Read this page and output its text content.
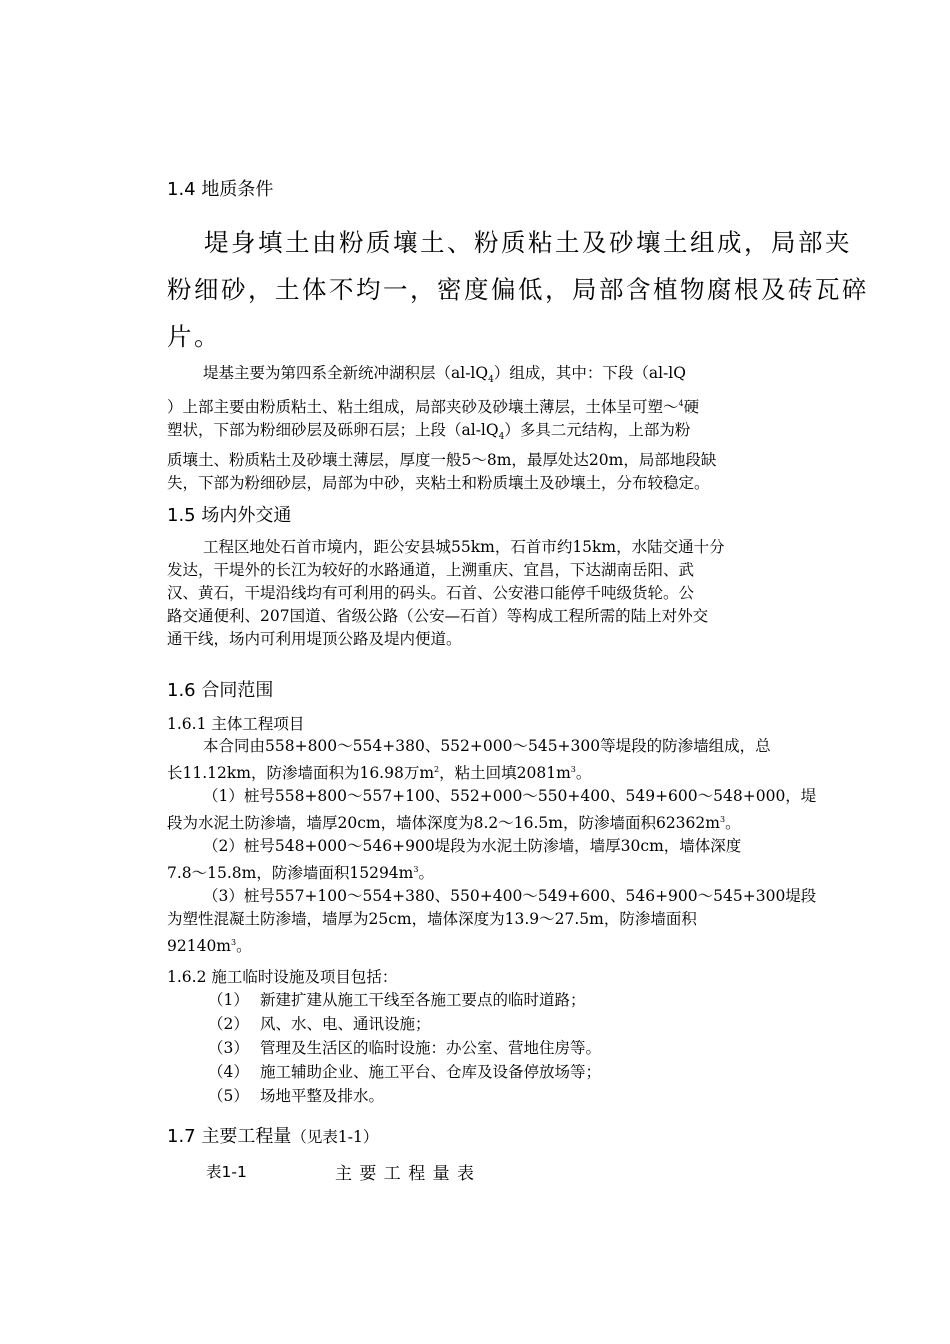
1.4 地质条件
堤身填土由粉质壤土、粉质粘土及砂壤土组成，局部夹
粉细砂，土体不均一，密度偏低，局部含植物腐根及砖瓦碎
片。
堤基主要为第四系全新统冲湖积层$(al-lQ_4)$组成，其中：下段（al-lQ
）上部主要由粉质粘土、粘土组成，局部夹砂及砂壤土薄层，土体呈可塑～$^4$硬
塑状，下部为粉细砂层及砾卵石层；上段$(al-lQ_4)$多具二元结构，上部为粉
质壤土、粉质粘土及砂壤土薄层，厚度一般5～8m，最厚处达20m，局部地段缺
失，下部为粉细砂层，局部为中砂，夹粘土和粉质壤土及砂壤土，分布较稳定。
1.5 场内外交通
工程区地处石首市境内，距公安县城55km，石首市约15km，水陆交通十分
发达，干堤外的长江为较好的水路通道，上溯重庆、宜昌，下达湖南岳阳、武
汉、黄石，干堤沿线均有可利用的码头。石首、公安港口能停千吨级货轮。公
路交通便利、207国道、省级公路（公安—石首）等构成工程所需的陆上对外交
通干线，场内可利用堤顶公路及堤内便道。
1.6 合同范围
1.6.1 主体工程项目
本合同由558+800～554+380、552+000～545+300等堤段的防渗墙组成，总
长11.12km，防渗墙面积为16.98万$m^2$，粘土回填$2081m^3$。
（1）桩号558+800～557+100、552+000～550+400、549+600～548+000，堤
段为水泥土防渗墙，墙厚20cm，墙体深度为8.2～16.5m，防渗墙面积$62362m^3$。
（2）桩号548+000～546+900堤段为水泥土防渗墙，墙厚30cm，墙体深度
7.8～15.8m，防渗墙面积$15294m^3$。
（3）桩号557+100～554+380、550+400～549+600、546+900～545+300堤段
为塑性混凝土防渗墙，墙厚为25cm，墙体深度为13.9～27.5m，防渗墙面积
$92140m^3$。
1.6.2 施工临时设施及项目包括：
（1） 新建扩建从施工干线至各施工要点的临时道路；
（2） 风、水、电、通讯设施；
（3） 管理及生活区的临时设施：办公室、营地住房等。
（4） 施工辅助企业、施工平台、仓库及设备停放场等；
（5） 场地平整及排水。
1.7 主要工程量（见表1-1）
表1-1	主 要 工 程 量 表
